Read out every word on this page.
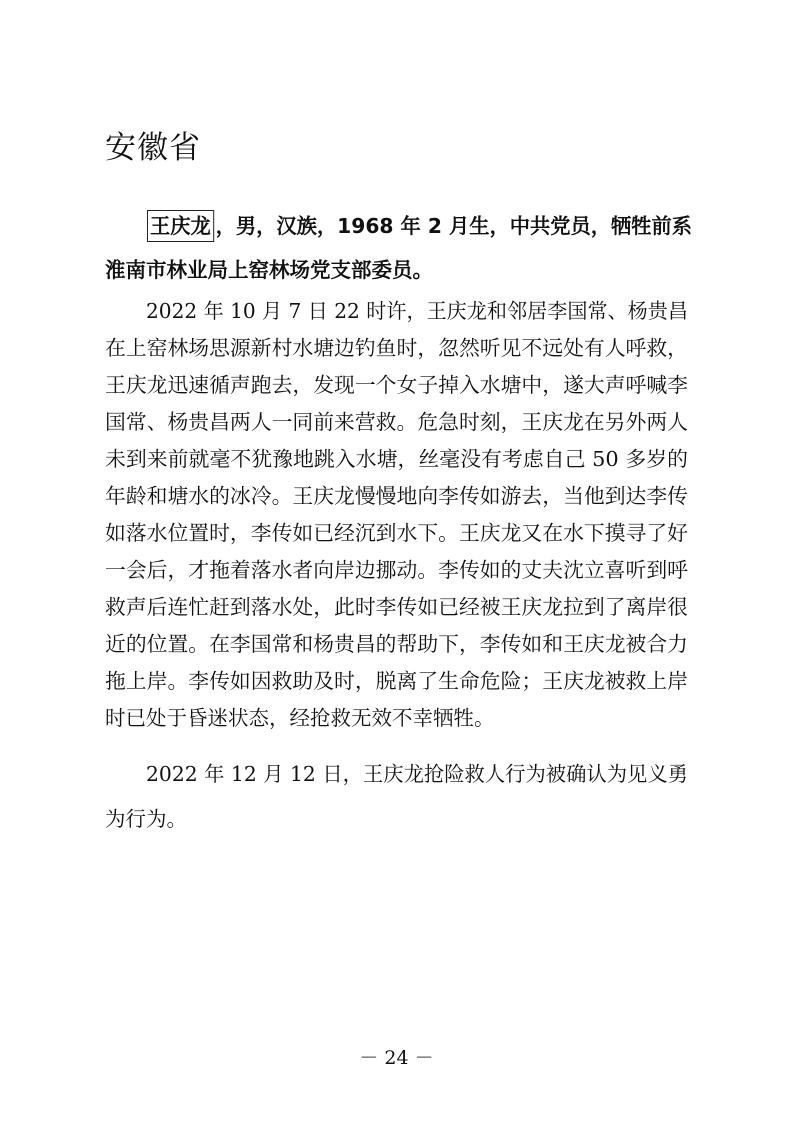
安徽省
王庆龙 ，男，汉族，1968 年 2 月生，中共党员，牺牲前系
淮南市林业局上窑林场党支部委员。
2022 年 10 月 7 日 22 时许，王庆龙和邻居李国常、杨贵昌
在上窑林场思源新村水塘边钓鱼时，忽然听见不远处有人呼救，
王庆龙迅速循声跑去，发现一个女子掉入水塘中，遂大声呼喊李
国常、杨贵昌两人一同前来营救。危急时刻，王庆龙在另外两人
未到来前就毫不犹豫地跳入水塘，丝毫没有考虑自己 50 多岁的
年龄和塘水的冰冷。王庆龙慢慢地向李传如游去，当他到达李传
如落水位置时，李传如已经沉到水下。王庆龙又在水下摸寻了好
一会后，才拖着落水者向岸边挪动。李传如的丈夫沈立喜听到呼
救声后连忙赶到落水处，此时李传如已经被王庆龙拉到了离岸很
近的位置。在李国常和杨贵昌的帮助下，李传如和王庆龙被合力
拖上岸。李传如因救助及时，脱离了生命危险；王庆龙被救上岸
时已处于昏迷状态，经抢救无效不幸牺牲。
2022 年 12 月 12 日，王庆龙抢险救人行为被确认为见义勇
为行为。
－ 24 －
